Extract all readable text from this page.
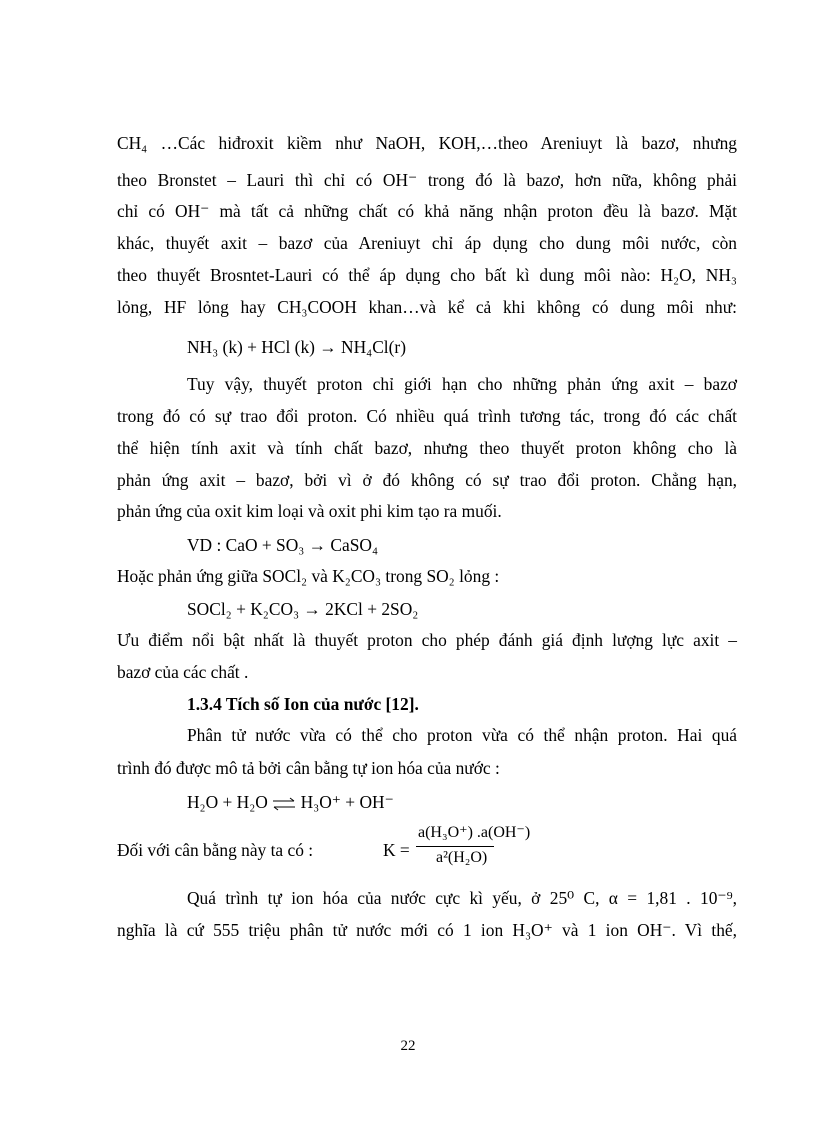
CH₄ …Các hiđroxit kiềm như NaOH, KOH,…theo Areniuyt là bazơ, nhưng
theo Bronstet – Lauri thì chỉ có OH⁻ trong đó là bazơ, hơn nữa, không phải
chỉ có OH⁻ mà tất cả những chất có khả năng nhận proton đều là bazơ. Mặt
khác, thuyết axit – bazơ của Areniuyt chỉ áp dụng cho dung môi nước, còn
theo thuyết Brosntet-Lauri có thể áp dụng cho bất kì dung môi nào: H₂O, NH₃
lỏng, HF lỏng hay CH₃COOH khan…và kể cả khi không có dung môi như:
NH₃ (k) + HCl (k) → NH₄Cl(r)
Tuy vậy, thuyết proton chỉ giới hạn cho những phản ứng axit – bazơ
trong đó có sự trao đổi proton. Có nhiều quá trình tương tác, trong đó các chất
thể hiện tính axit và tính chất bazơ, nhưng theo thuyết proton không cho là
phản ứng axit – bazơ, bởi vì ở đó không có sự trao đổi proton. Chẳng hạn,
phản ứng của oxit kim loại và oxit phi kim tạo ra muối.
VD : CaO + SO₃ → CaSO₄
Hoặc phản ứng giữa SOCl₂ và K₂CO₃ trong SO₂ lỏng :
SOCl₂ + K₂CO₃ → 2KCl + 2SO₂
Ưu điểm nổi bật nhất là thuyết proton cho phép đánh giá định lượng lực axit –
bazơ của các chất .
1.3.4 Tích số Ion của nước [12].
Phân tử nước vừa có thể cho proton vừa có thể nhận proton. Hai quá
trình đó được mô tả bởi cân bằng tự ion hóa của nước :
H₂O + H₂O ⇌ H₃O⁺ + OH⁻
Đối với cân bằng này ta có :	K =
a(H₃O⁺) .a(OH⁻)
a²(H₂O)
Quá trình tự ion hóa của nước cực kì yếu, ở 25⁰ C, α = 1,81 . 10⁻⁹,
nghĩa là cứ 555 triệu phân tử nước mới có 1 ion H₃O⁺ và 1 ion OH⁻. Vì thế,
22
